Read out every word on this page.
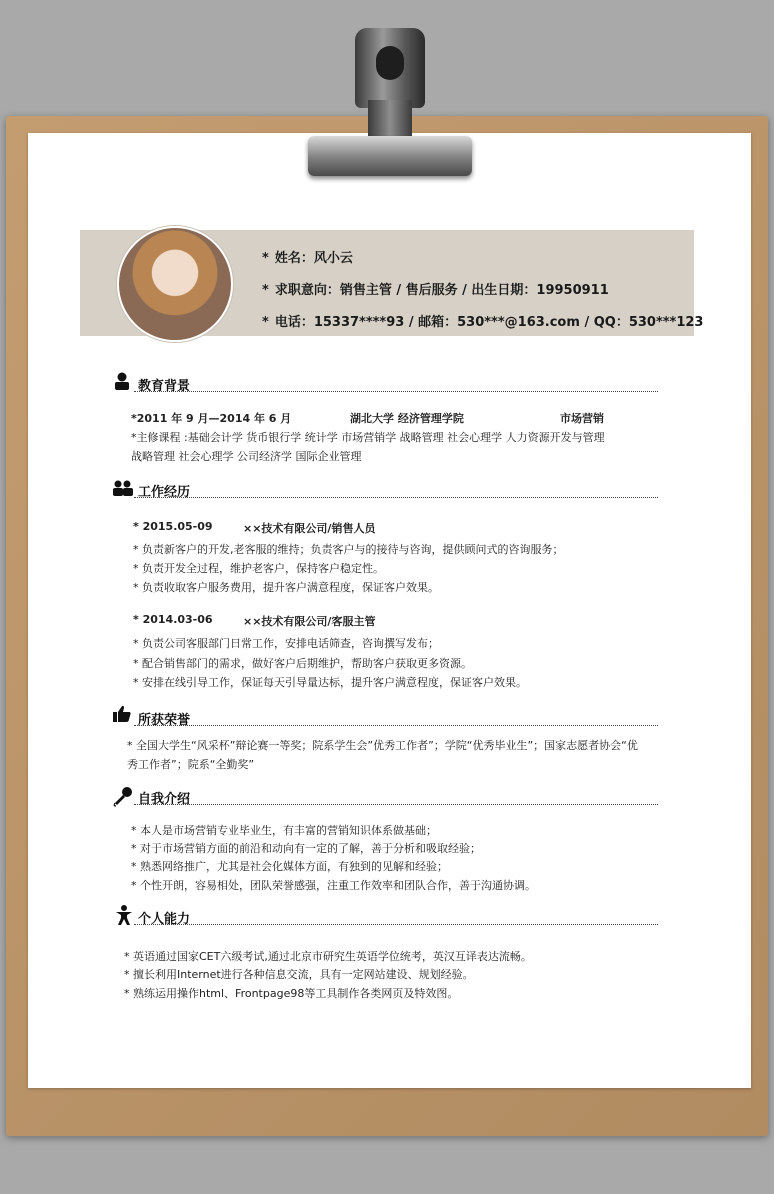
* 姓名：风小云
* 求职意向：销售主管 / 售后服务 / 出生日期：19950911
* 电话：15337****93 / 邮箱：530***@163.com / QQ：530***123
教育背景
*2011 年 9 月—2014 年 6 月	湖北大学 经济管理学院	市场营销
*主修课程 :基础会计学 货币银行学 统计学 市场营销学 战略管理 社会心理学 人力资源开发与管理
战略管理 社会心理学 公司经济学 国际企业管理
工作经历
* 2015.05-09	××技术有限公司/销售人员
* 负责新客户的开发,老客服的维持；负责客户与的接待与咨询，提供顾问式的咨询服务；
* 负责开发全过程，维护老客户，保持客户稳定性。
* 负责收取客户服务费用，提升客户满意程度，保证客户效果。
* 2014.03-06	××技术有限公司/客服主管
* 负责公司客服部门日常工作，安排电话筛查，咨询撰写发布；
* 配合销售部门的需求，做好客户后期维护，帮助客户获取更多资源。
* 安排在线引导工作，保证每天引导量达标，提升客户满意程度，保证客户效果。
所获荣誉
* 全国大学生“风采杯”辩论赛一等奖；院系学生会”优秀工作者”；学院“优秀毕业生”；国家志愿者协会“优
秀工作者”；院系“全勤奖”
自我介绍
* 本人是市场营销专业毕业生，有丰富的营销知识体系做基础；
* 对于市场营销方面的前沿和动向有一定的了解，善于分析和吸取经验；
* 熟悉网络推广，尤其是社会化媒体方面，有独到的见解和经验；
* 个性开朗，容易相处，团队荣誉感强，注重工作效率和团队合作，善于沟通协调。
个人能力
* 英语通过国家CET六级考试,通过北京市研究生英语学位统考，英汉互译表达流畅。
* 擅长利用Internet进行各种信息交流，具有一定网站建设、规划经验。
* 熟练运用操作html、Frontpage98等工具制作各类网页及特效图。
